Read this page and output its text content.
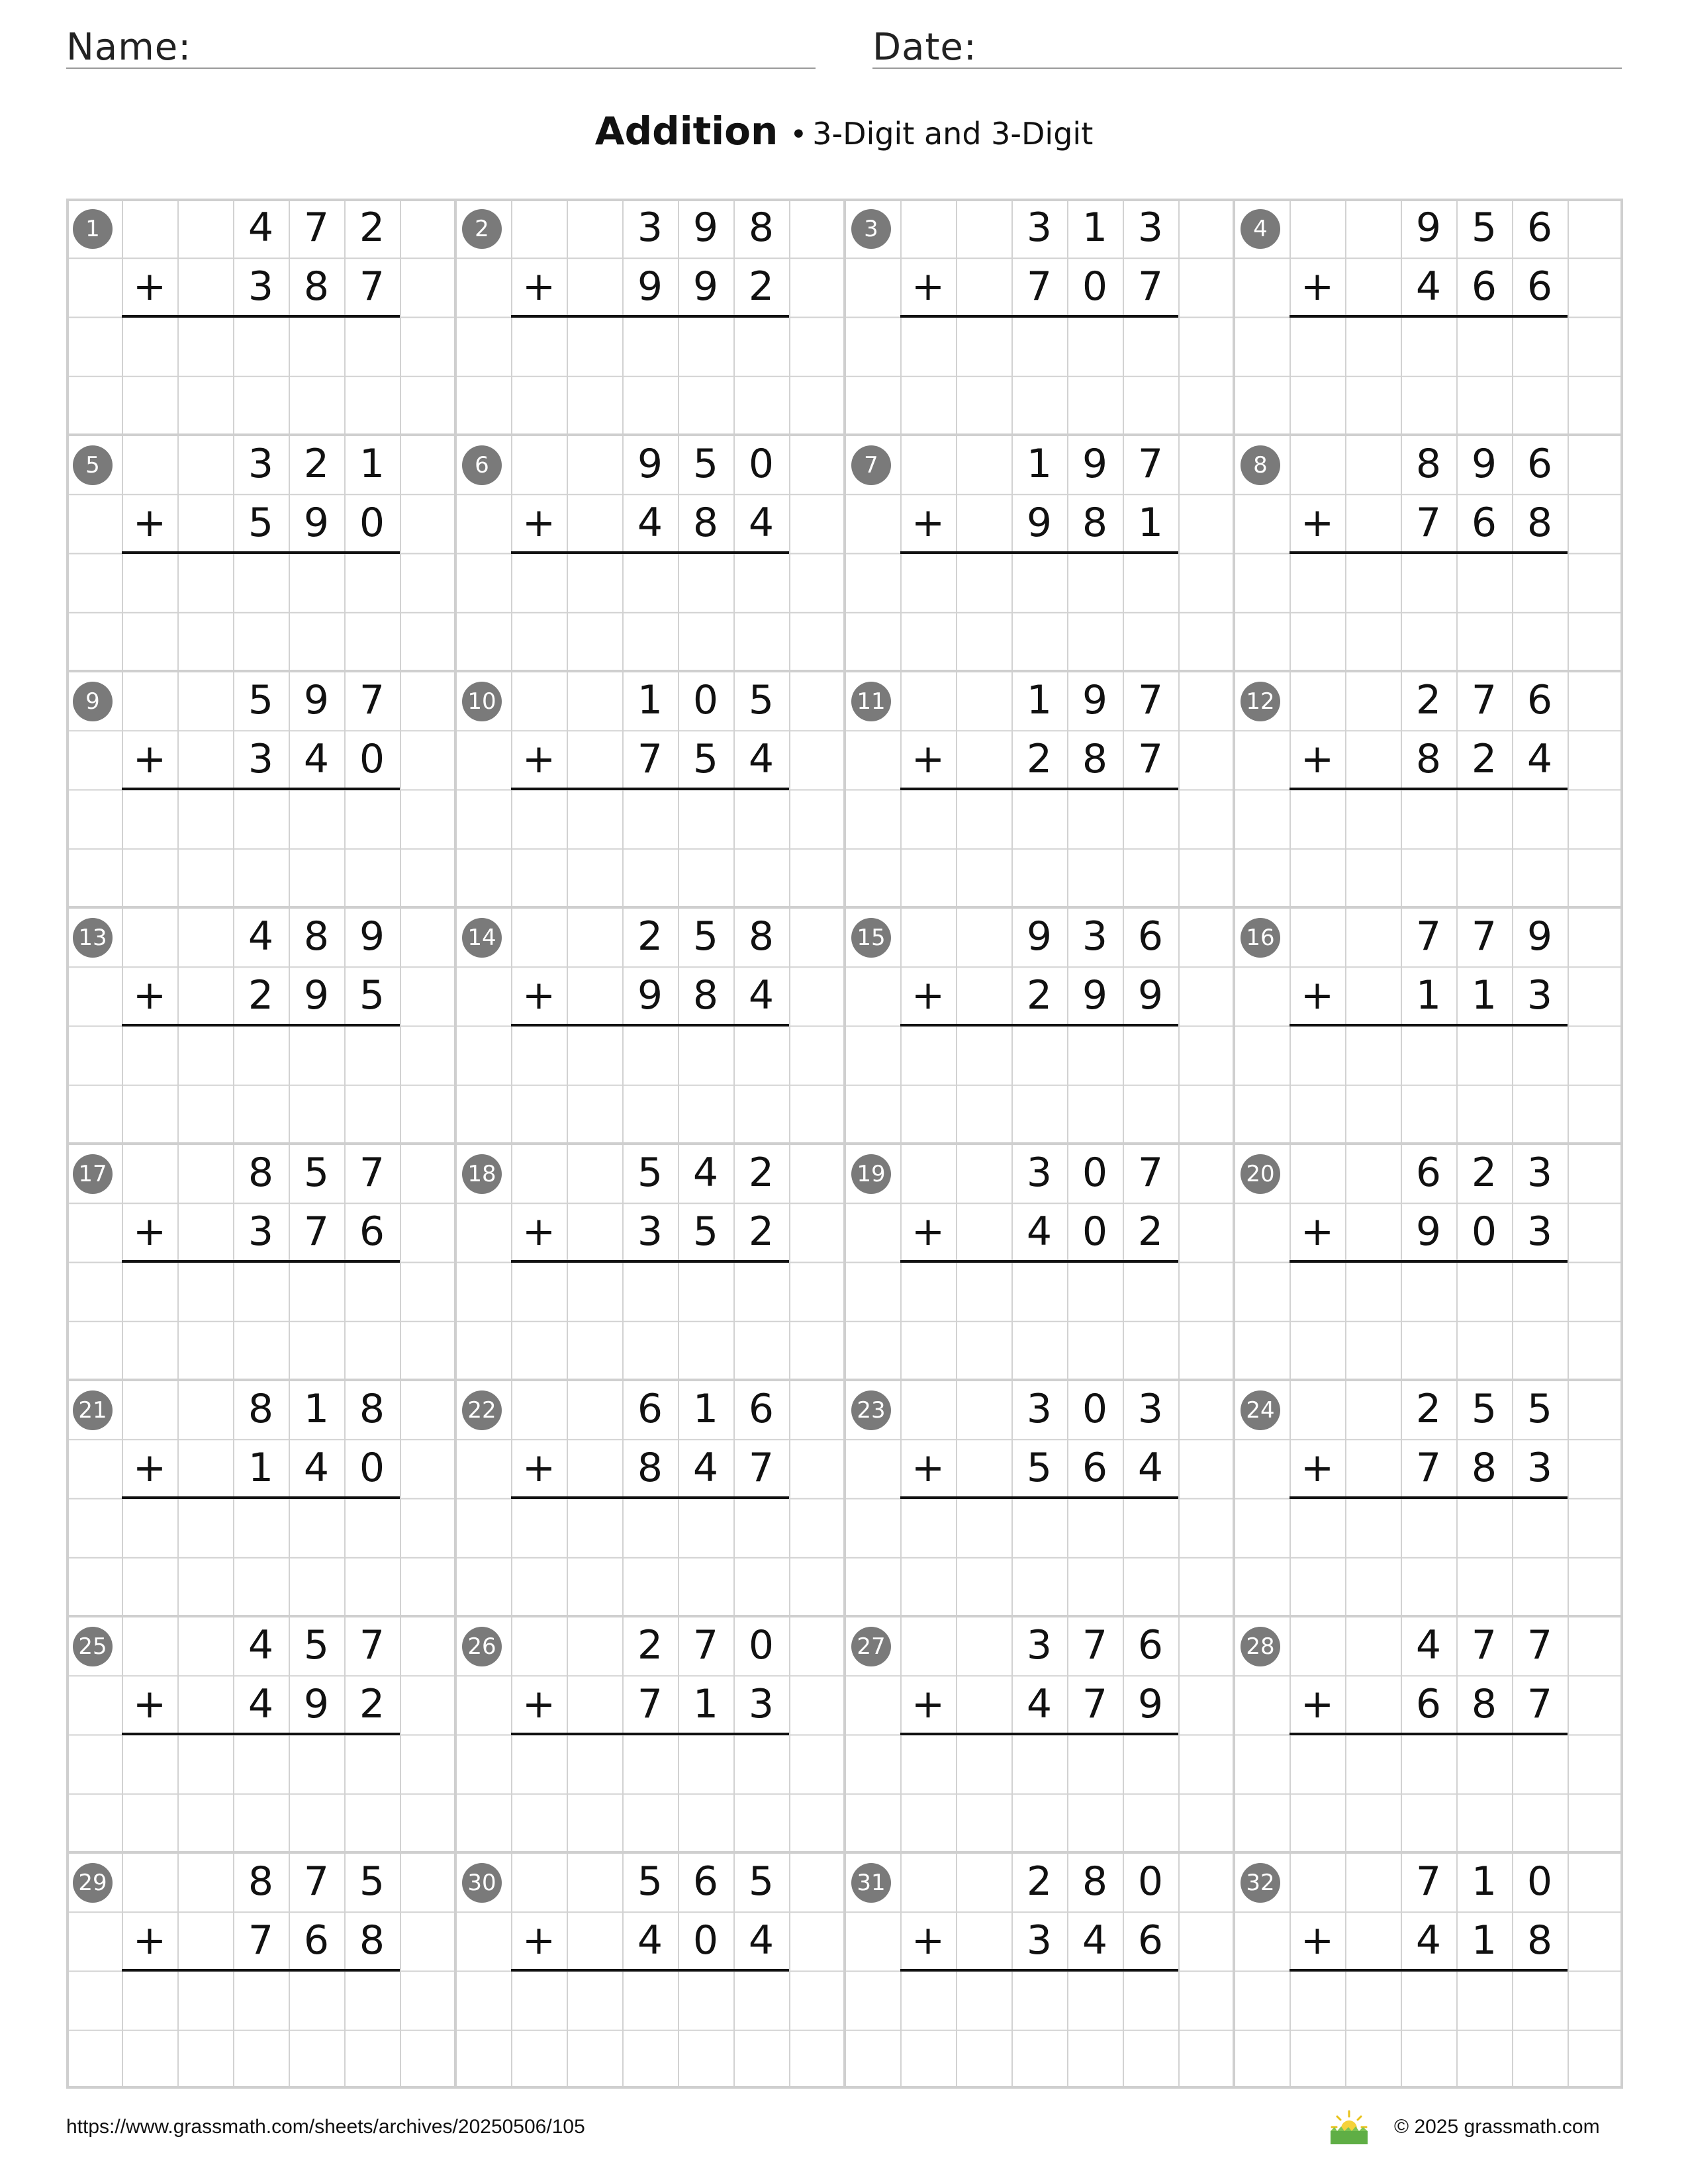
Name:	Date:
Addition • 3-Digit and 3-Digit
1
+
4 7 2
3 8 7
2
+
3 9 8
9 9 2
3
+
3 1 3
7 0 7
4
+
9 5 6
4 6 6
5
+
3 2 1
5 9 0
6
+
9 5 0
4 8 4
7
+
1 9 7
9 8 1
8
+
8 9 6
7 6 8
9
+
5 9 7
3 4 0
10
+
1 0 5
7 5 4
11
+
1 9 7
2 8 7
12
+
2 7 6
8 2 4
13
+
4 8 9
2 9 5
14
+
2 5 8
9 8 4
15
+
9 3 6
2 9 9
16
+
7 7 9
1 1 3
17
+
8 5 7
3 7 6
18
+
5 4 2
3 5 2
19
+
3 0 7
4 0 2
20
+
6 2 3
9 0 3
21
+
8 1 8
1 4 0
22
+
6 1 6
8 4 7
23
+
3 0 3
5 6 4
24
+
2 5 5
7 8 3
25
+
4 5 7
4 9 2
26
+
2 7 0
7 1 3
27
+
3 7 6
4 7 9
28
+
4 7 7
6 8 7
29
+
8 7 5
7 6 8
30
+
5 6 5
4 0 4
31
+
2 8 0
3 4 6
32
+
7 1 0
4 1 8
https://www.grassmath.com/sheets/archives/20250506/105	© 2025 grassmath.com
